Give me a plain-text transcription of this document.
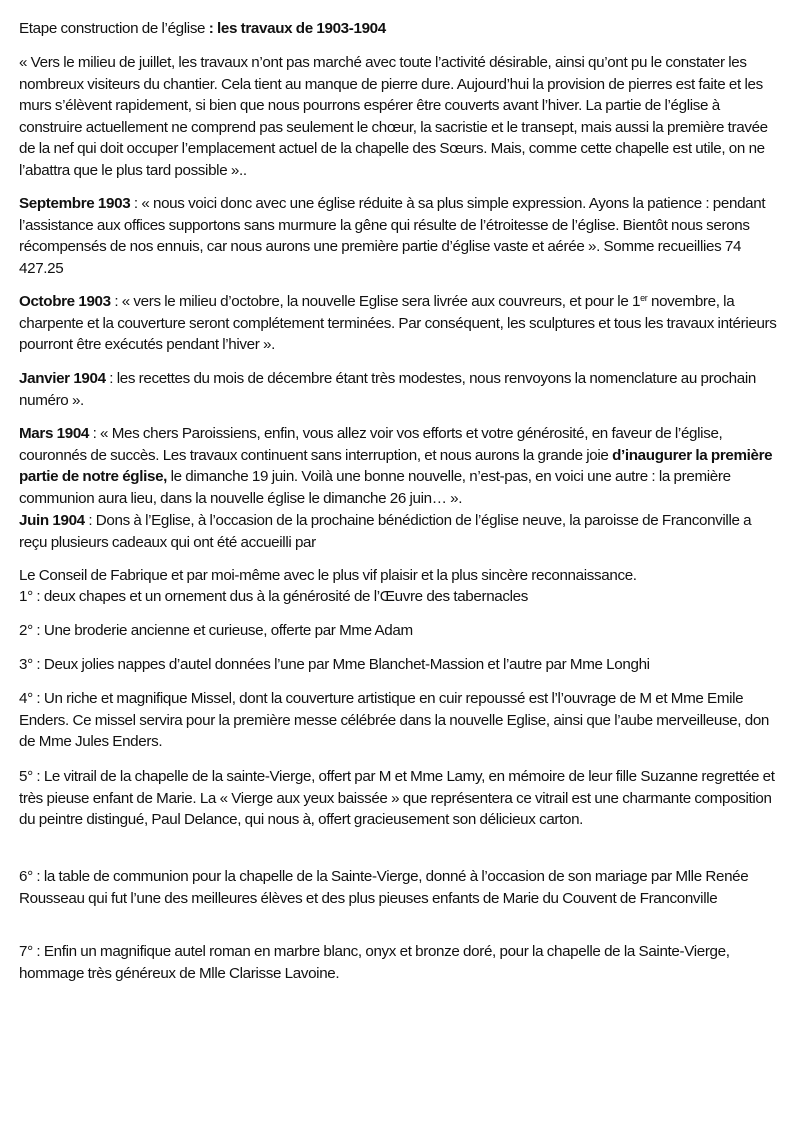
Etape construction de l’église : les travaux de 1903-1904

« Vers le milieu de juillet, les travaux n’ont pas marché avec toute l’activité désirable, ainsi qu’ont pu le constater les nombreux visiteurs du chantier. Cela tient au manque de pierre dure. Aujourd’hui la provision de pierres est faite et les murs s’élèvent rapidement, si bien que nous pourrons espérer être couverts avant l’hiver. La partie de l’église à construire actuellement ne comprend pas seulement le chœur, la sacristie et le transept, mais aussi la première travée de la nef qui doit occuper l’emplacement actuel de la chapelle des Sœurs. Mais, comme cette chapelle est utile, on ne l’abattra que le plus tard possible »..

Septembre 1903 : « nous voici donc avec une église réduite à sa plus simple expression. Ayons la patience : pendant l’assistance aux offices supportons sans murmure la gêne qui résulte de l’étroitesse de l’église. Bientôt nous serons récompensés de nos ennuis, car nous aurons une première partie d’église vaste et aérée ». Somme recueillies 74 427.25

Octobre 1903 : « vers le milieu d’octobre, la nouvelle Eglise sera livrée aux couvreurs, et pour le 1er novembre, la charpente et la couverture seront complétement terminées. Par conséquent, les sculptures et tous les travaux intérieurs pourront être exécutés pendant l’hiver ».

Janvier 1904 : les recettes du mois de décembre étant très modestes, nous renvoyons la nomenclature au prochain numéro ».

Mars 1904 : « Mes chers Paroissiens, enfin, vous allez voir vos efforts et votre générosité, en faveur de l’église, couronnés de succès. Les travaux continuent sans interruption, et nous aurons la grande joie d’inaugurer la première partie de notre église, le dimanche 19 juin. Voilà une bonne nouvelle, n’est-pas, en voici une autre : la première communion aura lieu, dans la nouvelle église le dimanche 26 juin… ».

Juin 1904 : Dons à l’Eglise, à l’occasion de la prochaine bénédiction de l’église neuve, la paroisse de Franconville a reçu plusieurs cadeaux qui ont été accueilli par

Le Conseil de Fabrique et par moi-même avec le plus vif plaisir et la plus sincère reconnaissance.

1° : deux chapes et un ornement dus à la générosité de l’Œuvre des tabernacles

2° : Une broderie ancienne et curieuse, offerte par Mme Adam

3° : Deux jolies nappes d’autel données l’une par Mme Blanchet-Massion et l’autre par Mme Longhi

4° : Un riche et magnifique Missel, dont la couverture artistique en cuir repoussé est l’l’ouvrage de M et Mme Emile Enders. Ce missel servira pour la première messe célébrée dans la nouvelle Eglise, ainsi que l’aube merveilleuse, don de Mme Jules Enders.

5° : Le vitrail de la chapelle de la sainte-Vierge, offert par M et Mme Lamy, en mémoire de leur fille Suzanne regrettée et très pieuse enfant de Marie. La « Vierge aux yeux baissée » que représentera ce vitrail est une charmante composition du peintre distingué, Paul Delance, qui nous à, offert gracieusement son délicieux carton.

6° : la table de communion pour la chapelle de la Sainte-Vierge, donné à l’occasion de son mariage par Mlle Renée Rousseau qui fut l’une des meilleures élèves et des plus pieuses enfants de Marie du Couvent de Franconville

7° : Enfin un magnifique autel roman en marbre blanc, onyx et bronze doré, pour la chapelle de la Sainte-Vierge, hommage très généreux de Mlle Clarisse Lavoine.
